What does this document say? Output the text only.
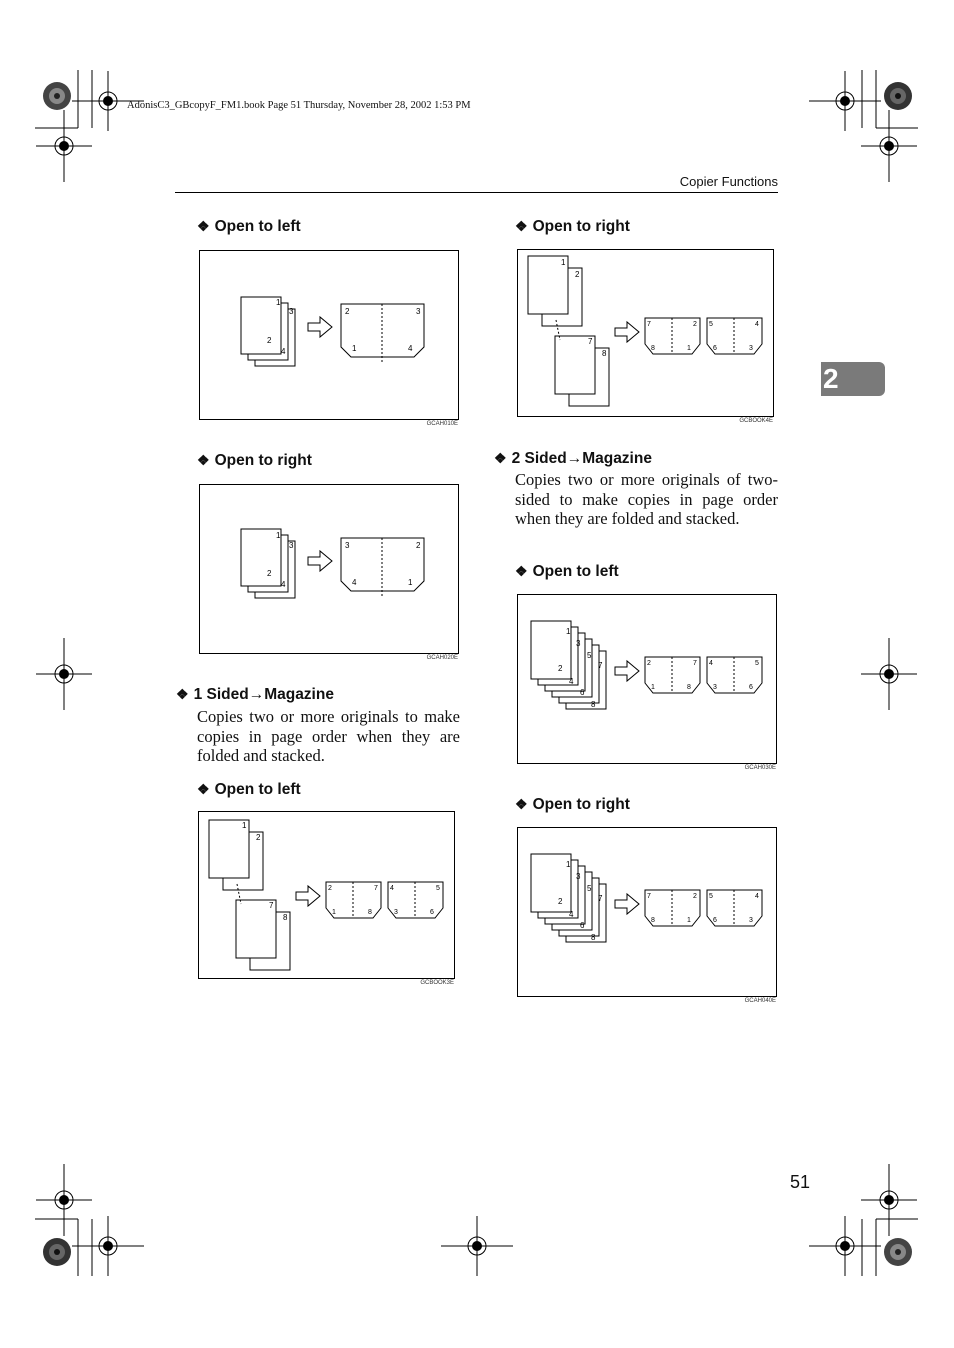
AdonisC3_GBcopyF_FM1.book Page 51 Thursday, November 28, 2002 1:53 PM
Copier Functions
2
❖ Open to left
1
3
2
4
2	3
1	4
GCAH010E
❖ Open to right
1
3
2
4
3	2
4	1
GCAH020E
❖ 1 Sided→Magazine
Copies two or more originals to make copies in page order when they are folded and stacked.
❖ Open to left
1
2
7
8
2	7
1	8
4	5
3	6
GCBOOK3E
❖ Open to right
1
2
7
8
7	2
8	1
5	4
6	3
GCBOOK4E
❖ 2 Sided→Magazine
Copies two or more originals of two-sided to make copies in page order when they are folded and stacked.
❖ Open to left
1
3
5
7
2
4
6
8
2	7
1	8
4	5
3	6
GCAH030E
❖ Open to right
1
3
5
7
2
4
6
8
7	2
8	1
5	4
6	3
GCAH040E
51
